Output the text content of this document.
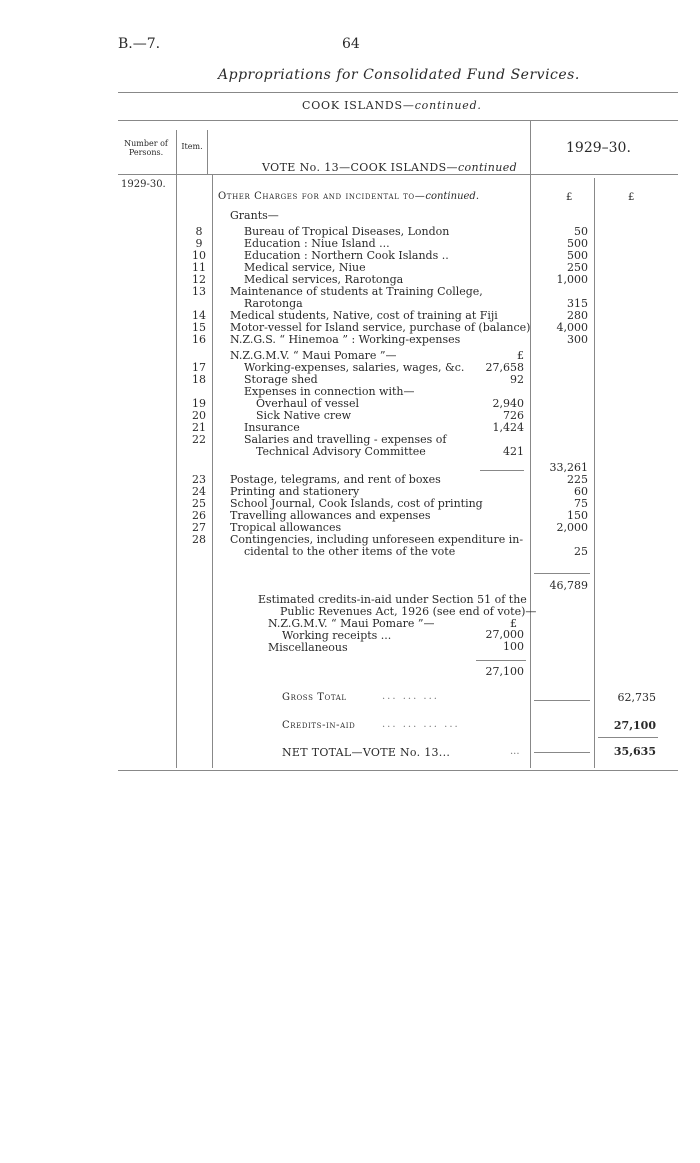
B.—7.	64
Appropriations for Consolidated Fund Services.
COOK ISLANDS—continued.
Number of Persons.
Item.	1929–30.
1929-30.
VOTE No. 13—COOK ISLANDS—continued
Other Charges for and incidental to—continued.	£	£
Grants—
8	Bureau of Tropical Diseases, London	50
9	Education : Niue Island ...	500
10	Education : Northern Cook Islands ..	500
11	Medical service, Niue	250
12	Medical services, Rarotonga	1,000
13	Maintenance of students at Training College,
Rarotonga	315
14	Medical students, Native, cost of training at Fiji	280
15	Motor-vessel for Island service, purchase of (balance)	4,000
16	N.Z.G.S. “ Hinemoa ” : Working-expenses	300
N.Z.G.M.V. “ Maui Pomare ”—	£
17	Working-expenses, salaries, wages, &c.	27,658
18	Storage shed	92
Expenses in connection with—
19	Overhaul of vessel	2,940
20	Sick Native crew	726
21	Insurance	1,424
22	Salaries and travelling - expenses of
Technical Advisory Committee	421
33,261
23	Postage, telegrams, and rent of boxes	225
24	Printing and stationery	60
25	School Journal, Cook Islands, cost of printing	75
26	Travelling allowances and expenses	150
27	Tropical allowances	2,000
28	Contingencies, including unforeseen expenditure in-
cidental to the other items of the vote	25
46,789
Estimated credits-in-aid under Section 51 of the
Public Revenues Act, 1926 (see end of vote)—
N.Z.G.M.V. “ Maui Pomare ”—	£
Working receipts ...	27,000
Miscellaneous	100
27,100
Gross Total	... ... ...	62,735
Credits-in-aid	... ... ... ...	27,100
NET TOTAL—VOTE No. 13...	...	35,635
